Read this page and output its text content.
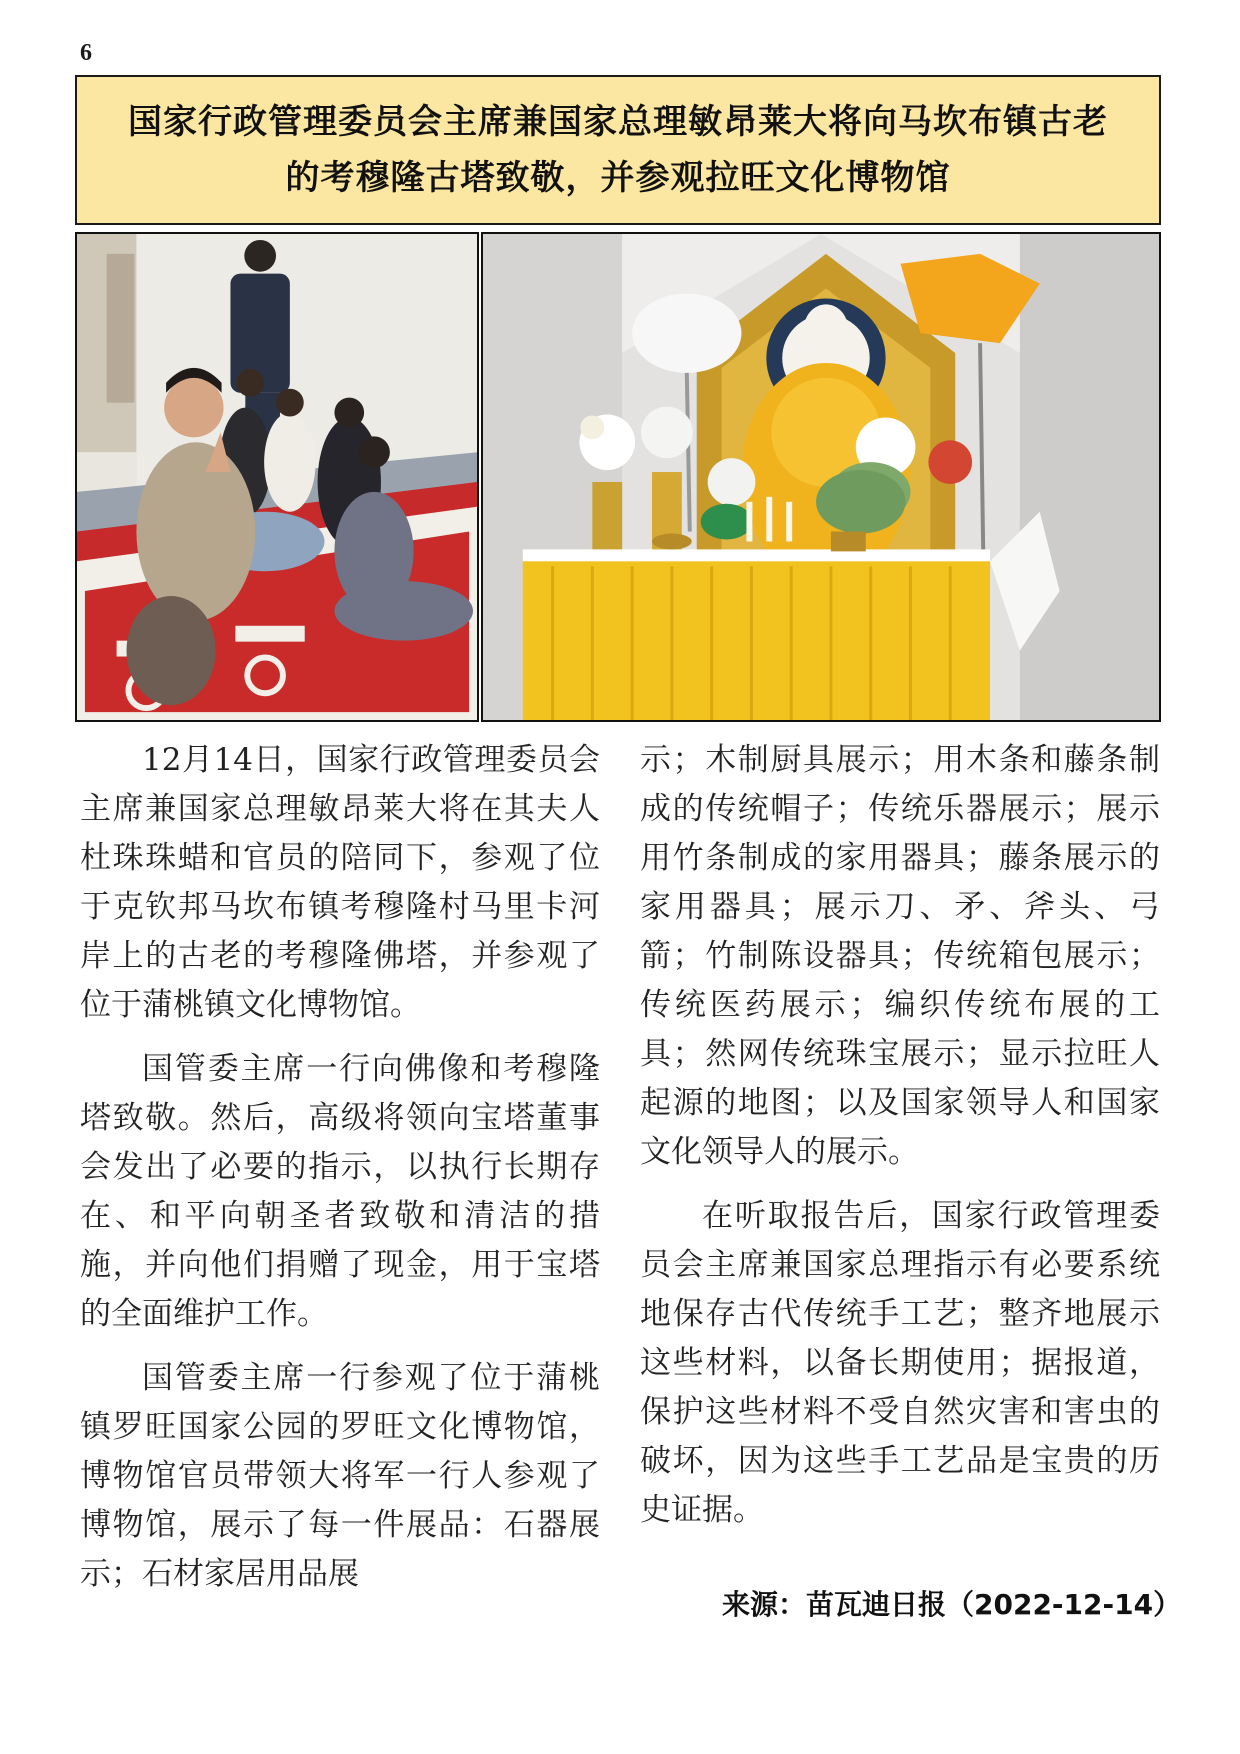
6
国家行政管理委员会主席兼国家总理敏昂莱大将向马坎布镇古老
的考穆隆古塔致敬，并参观拉旺文化博物馆

12月14日，国家行政管理委员会主席兼国家总理敏昂莱大将在其夫人杜珠珠蜡和官员的陪同下，参观了位于克钦邦马坎布镇考穆隆村马里卡河岸上的古老的考穆隆佛塔，并参观了位于蒲桃镇文化博物馆。

国管委主席一行向佛像和考穆隆塔致敬。然后，高级将领向宝塔董事会发出了必要的指示，以执行长期存在、和平向朝圣者致敬和清洁的措施，并向他们捐赠了现金，用于宝塔的全面维护工作。

国管委主席一行参观了位于蒲桃镇罗旺国家公园的罗旺文化博物馆，博物馆官员带领大将军一行人参观了博物馆，展示了每一件展品：石器展示；石材家居用品展

示；木制厨具展示；用木条和藤条制成的传统帽子；传统乐器展示；展示用竹条制成的家用器具；藤条展示的家用器具；展示刀、矛、斧头、弓箭；竹制陈设器具；传统箱包展示；传统医药展示；编织传统布展的工具；然网传统珠宝展示；显示拉旺人起源的地图；以及国家领导人和国家文化领导人的展示。

在听取报告后，国家行政管理委员会主席兼国家总理指示有必要系统地保存古代传统手工艺；整齐地展示这些材料，以备长期使用；据报道，保护这些材料不受自然灾害和害虫的破坏，因为这些手工艺品是宝贵的历史证据。

来源：苗瓦迪日报（2022-12-14）
